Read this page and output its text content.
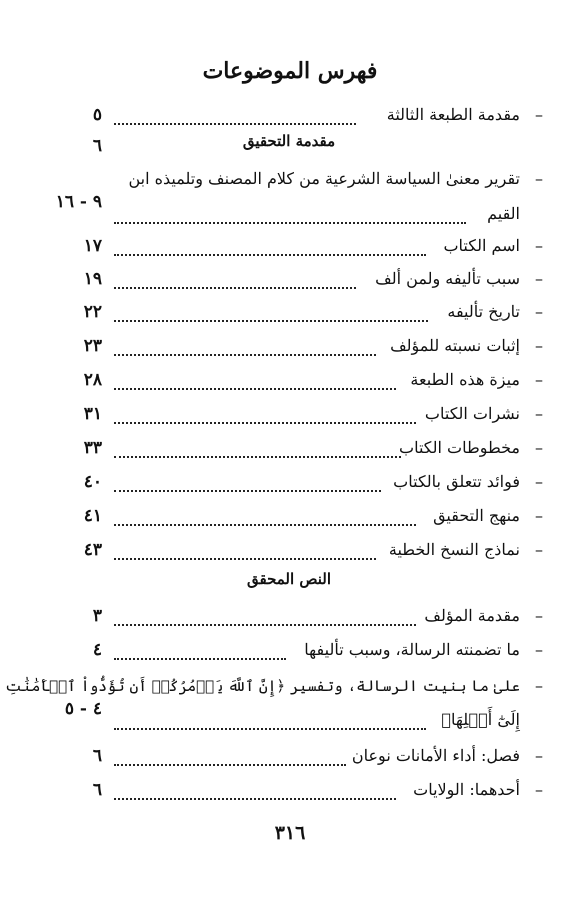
فهرس الموضوعات
–
مقدمة الطبعة الثالثة
٥
مقدمة التحقيق
٦
–
تقرير معنىٰ السياسة الشرعية من كلام المصنف وتلميذه ابن
٩ - ١٦
القيم
–
اسم الكتاب
١٧
–
سبب تأليفه ولمن ألف
١٩
–
تاريخ تأليفه
٢٢
–
إثبات نسبته للمؤلف
٢٣
–
ميزة هذه الطبعة
٢٨
–
نشرات الكتاب
٣١
–
مخطوطات الكتاب
٣٣
–
فوائد تتعلق بالكتاب
٤٠
–
منهج التحقيق
٤١
–
نماذج النسخ الخطية
٤٣
النص المحقق
–
مقدمة المؤلف
٣
–
ما تضمنته الرسالة، وسبب تأليفها
٤
–
علىٰ ما بنيت الرسالة، وتفسير ﴿إِنَّ ٱللَّهَ يَأۡمُرُكُمۡ أَن تُؤَدُّواْ ٱلۡأَمَٰنَٰتِ
٤ - ٥
إِلَىٰٓ أَهۡلِهَا﴾
–
فصل: أداء الأمانات نوعان
٦
–
أحدهما: الولايات
٦
٣١٦
